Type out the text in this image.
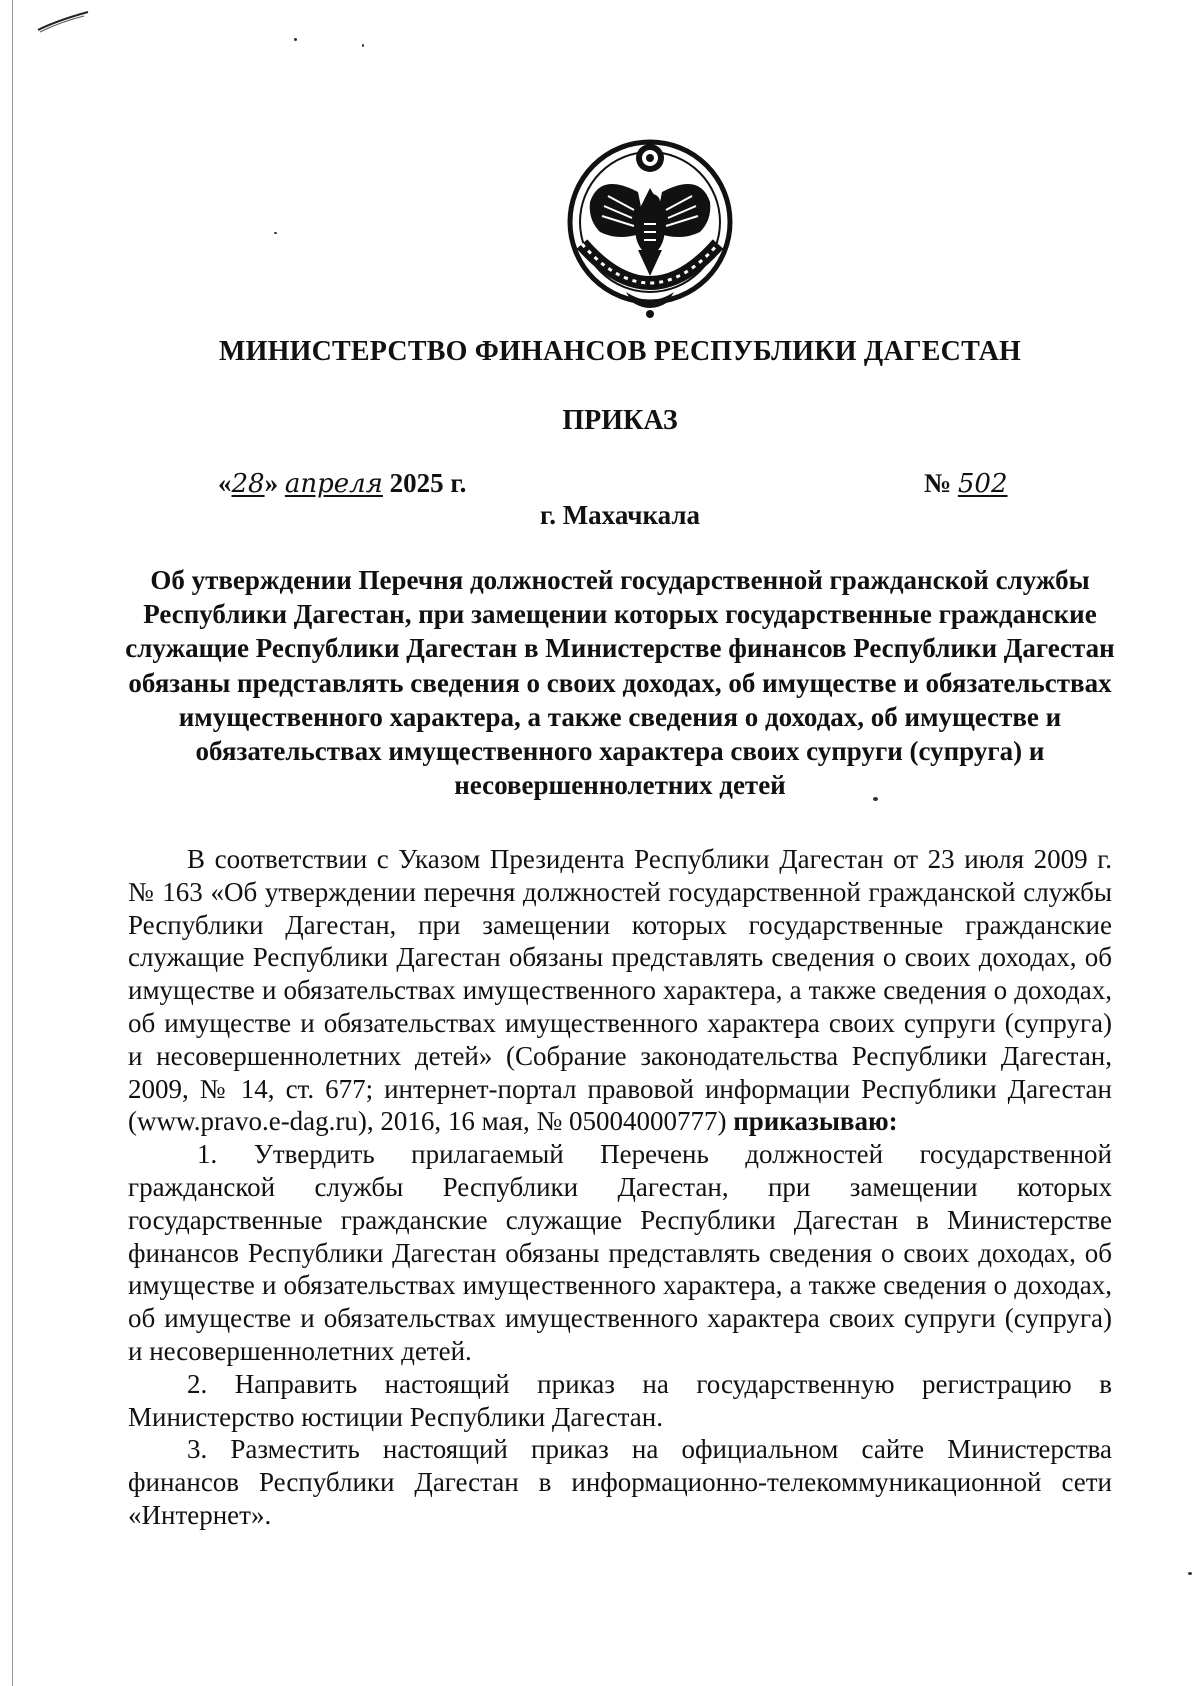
МИНИСТЕРСТВО ФИНАНСОВ РЕСПУБЛИКИ ДАГЕСТАН
ПРИКАЗ
«28» апреля 2025 г.	№ 502
г. Махачкала
Об утверждении Перечня должностей государственной гражданской службы Республики Дагестан, при замещении которых государственные гражданские служащие Республики Дагестан в Министерстве финансов Республики Дагестан обязаны представлять сведения о своих доходах, об имуществе и обязательствах имущественного характера, а также сведения о доходах, об имуществе и обязательствах имущественного характера своих супруги (супруга) и несовершеннолетних детей

В соответствии с Указом Президента Республики Дагестан от 23 июля 2009 г. № 163 «Об утверждении перечня должностей государственной гражданской службы Республики Дагестан, при замещении которых государственные гражданские служащие Республики Дагестан обязаны представлять сведения о своих доходах, об имуществе и обязательствах имущественного характера, а также сведения о доходах, об имуществе и обязательствах имущественного характера своих супруги (супруга) и несовершеннолетних детей» (Собрание законодательства Республики Дагестан, 2009, № 14, ст. 677; интернет-портал правовой информации Республики Дагестан (www.pravo.e-dag.ru), 2016, 16 мая, № 05004000777) приказываю:

1. Утвердить прилагаемый Перечень должностей государственной гражданской службы Республики Дагестан, при замещении которых государственные гражданские служащие Республики Дагестан в Министерстве финансов Республики Дагестан обязаны представлять сведения о своих доходах, об имуществе и обязательствах имущественного характера, а также сведения о доходах, об имуществе и обязательствах имущественного характера своих супруги (супруга) и несовершеннолетних детей.

2. Направить настоящий приказ на государственную регистрацию в Министерство юстиции Республики Дагестан.

3. Разместить настоящий приказ на официальном сайте Министерства финансов Республики Дагестан в информационно-телекоммуникационной сети «Интернет».
